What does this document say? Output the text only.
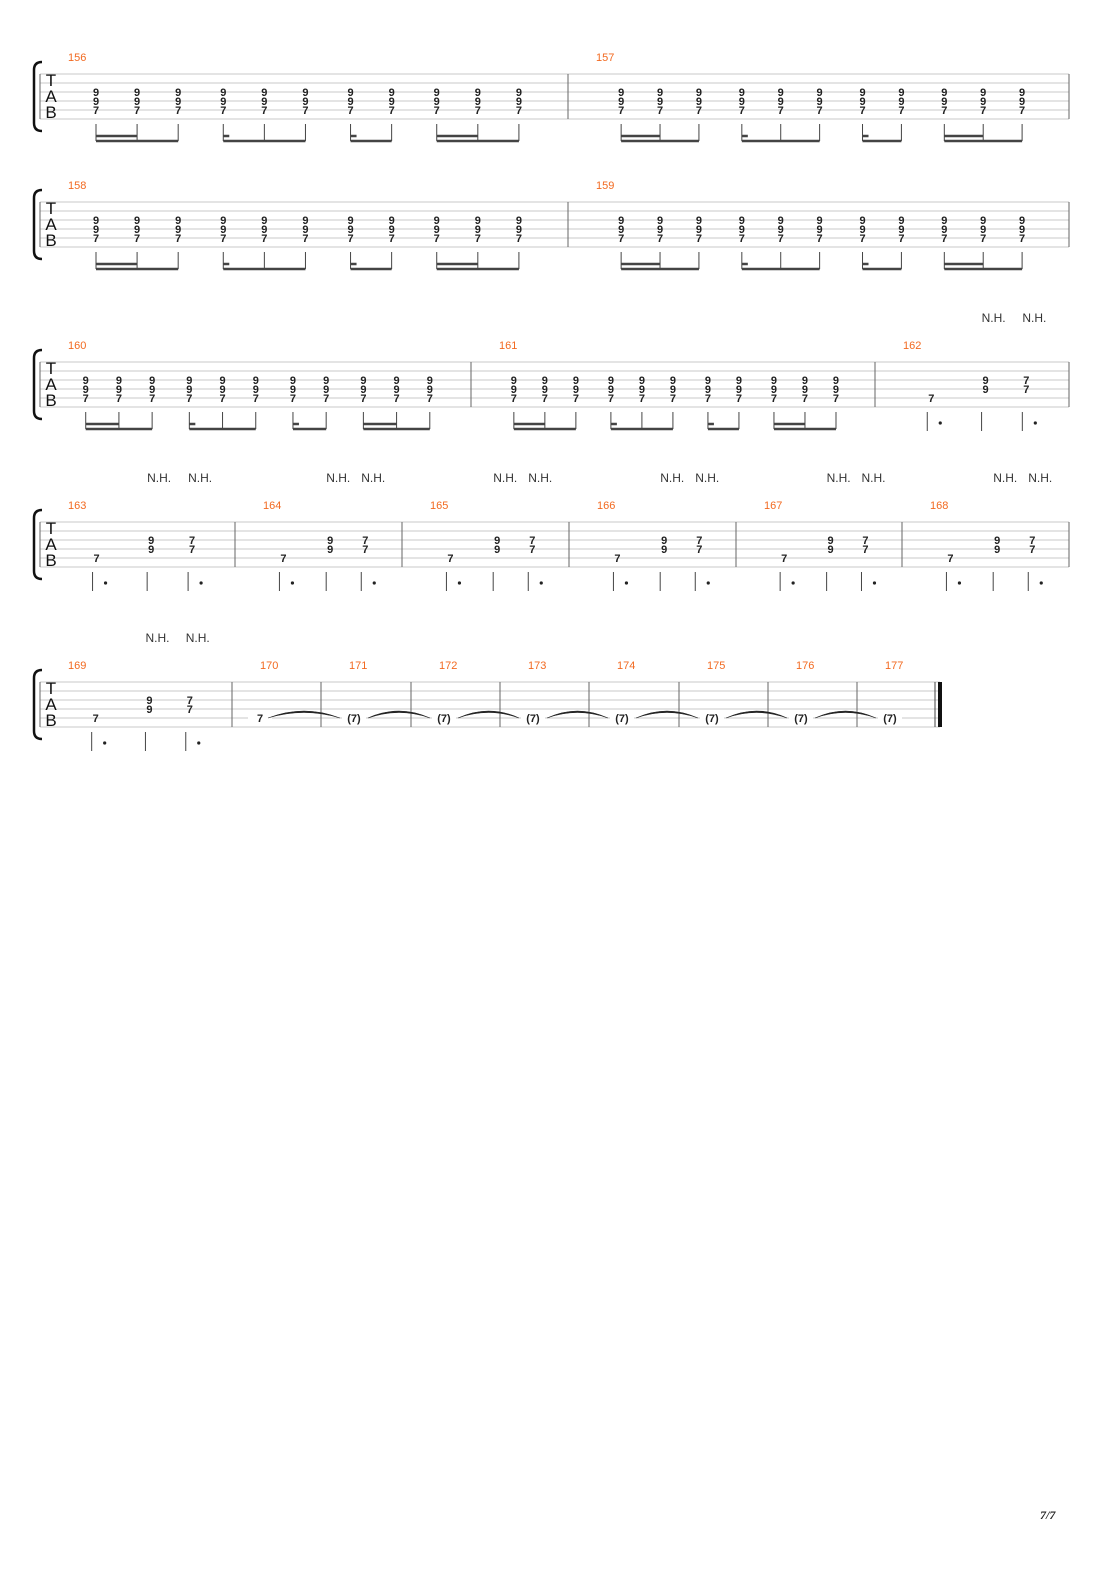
T
A
B
156
9
9
7
9
9
7
9
9
7
9
9
7
9
9
7
9
9
7
9
9
7
9
9
7
9
9
7
9
9
7
9
9
7
157
9
9
7
9
9
7
9
9
7
9
9
7
9
9
7
9
9
7
9
9
7
9
9
7
9
9
7
9
9
7
9
9
7
T
A
B
158
9
9
7
9
9
7
9
9
7
9
9
7
9
9
7
9
9
7
9
9
7
9
9
7
9
9
7
9
9
7
9
9
7
159
9
9
7
9
9
7
9
9
7
9
9
7
9
9
7
9
9
7
9
9
7
9
9
7
9
9
7
9
9
7
9
9
7
T
A
B
160
9
9
7
9
9
7
9
9
7
9
9
7
9
9
7
9
9
7
9
9
7
9
9
7
9
9
7
9
9
7
9
9
7
161
9
9
7
9
9
7
9
9
7
9
9
7
9
9
7
9
9
7
9
9
7
9
9
7
9
9
7
9
9
7
9
9
7
162
7
9
9
7
7
N.H. N.H.
T
A
B
163
7
9
9
7
7
N.H. N.H.
164
7
9
9
7
7
N.H. N.H.
165
7
9
9
7
7
N.H. N.H.
166
7
9
9
7
7
N.H. N.H.
167
7
9
9
7
7
N.H. N.H.
168
7
9
9
7
7
N.H. N.H.
T
A
B
169
7
9
9
7
7
N.H. N.H.
170
7
171
(7)
172
(7)
173
(7)
174
(7)
175
(7)
176
(7)
177
(7)
7/7
